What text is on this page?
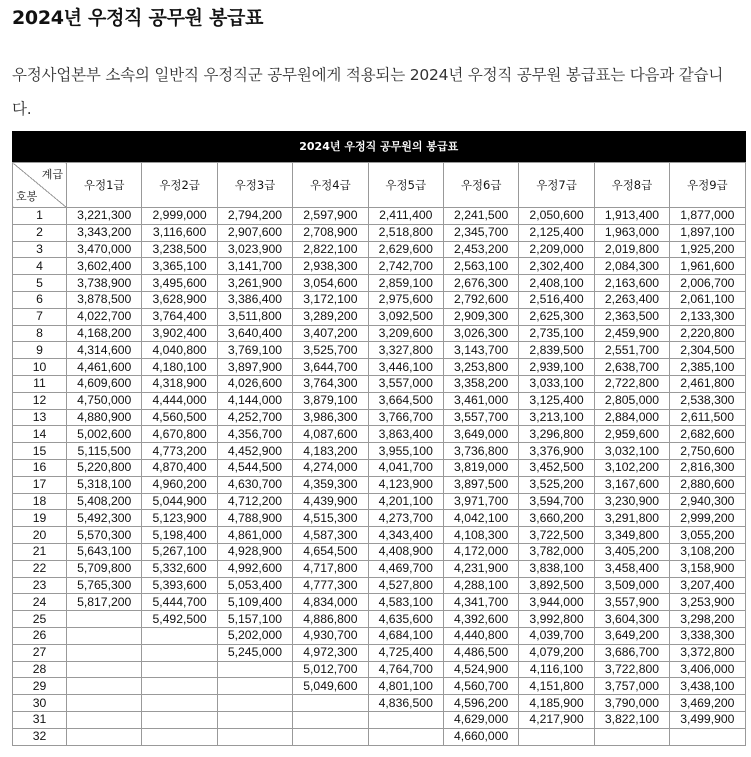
2024년 우정직 공무원 봉급표

우정사업본부 소속의 일반직 우정직군 공무원에게 적용되는 2024년 우정직 공무원 봉급표는 다음과 같습니다.

2024년 우정직 공무원의 봉급표
계급
호봉	우정1급	우정2급	우정3급	우정4급	우정5급	우정6급	우정7급	우정8급	우정9급
1	3,221,300	2,999,000	2,794,200	2,597,900	2,411,400	2,241,500	2,050,600	1,913,400	1,877,000
2	3,343,200	3,116,600	2,907,600	2,708,900	2,518,800	2,345,700	2,125,400	1,963,000	1,897,100
3	3,470,000	3,238,500	3,023,900	2,822,100	2,629,600	2,453,200	2,209,000	2,019,800	1,925,200
4	3,602,400	3,365,100	3,141,700	2,938,300	2,742,700	2,563,100	2,302,400	2,084,300	1,961,600
5	3,738,900	3,495,600	3,261,900	3,054,600	2,859,100	2,676,300	2,408,100	2,163,600	2,006,700
6	3,878,500	3,628,900	3,386,400	3,172,100	2,975,600	2,792,600	2,516,400	2,263,400	2,061,100
7	4,022,700	3,764,400	3,511,800	3,289,200	3,092,500	2,909,300	2,625,300	2,363,500	2,133,300
8	4,168,200	3,902,400	3,640,400	3,407,200	3,209,600	3,026,300	2,735,100	2,459,900	2,220,800
9	4,314,600	4,040,800	3,769,100	3,525,700	3,327,800	3,143,700	2,839,500	2,551,700	2,304,500
10	4,461,600	4,180,100	3,897,900	3,644,700	3,446,100	3,253,800	2,939,100	2,638,700	2,385,100
11	4,609,600	4,318,900	4,026,600	3,764,300	3,557,000	3,358,200	3,033,100	2,722,800	2,461,800
12	4,750,000	4,444,000	4,144,000	3,879,100	3,664,500	3,461,000	3,125,400	2,805,000	2,538,300
13	4,880,900	4,560,500	4,252,700	3,986,300	3,766,700	3,557,700	3,213,100	2,884,000	2,611,500
14	5,002,600	4,670,800	4,356,700	4,087,600	3,863,400	3,649,000	3,296,800	2,959,600	2,682,600
15	5,115,500	4,773,200	4,452,900	4,183,200	3,955,100	3,736,800	3,376,900	3,032,100	2,750,600
16	5,220,800	4,870,400	4,544,500	4,274,000	4,041,700	3,819,000	3,452,500	3,102,200	2,816,300
17	5,318,100	4,960,200	4,630,700	4,359,300	4,123,900	3,897,500	3,525,200	3,167,600	2,880,600
18	5,408,200	5,044,900	4,712,200	4,439,900	4,201,100	3,971,700	3,594,700	3,230,900	2,940,300
19	5,492,300	5,123,900	4,788,900	4,515,300	4,273,700	4,042,100	3,660,200	3,291,800	2,999,200
20	5,570,300	5,198,400	4,861,000	4,587,300	4,343,400	4,108,300	3,722,500	3,349,800	3,055,200
21	5,643,100	5,267,100	4,928,900	4,654,500	4,408,900	4,172,000	3,782,000	3,405,200	3,108,200
22	5,709,800	5,332,600	4,992,600	4,717,800	4,469,700	4,231,900	3,838,100	3,458,400	3,158,900
23	5,765,300	5,393,600	5,053,400	4,777,300	4,527,800	4,288,100	3,892,500	3,509,000	3,207,400
24	5,817,200	5,444,700	5,109,400	4,834,000	4,583,100	4,341,700	3,944,000	3,557,900	3,253,900
25		5,492,500	5,157,100	4,886,800	4,635,600	4,392,600	3,992,800	3,604,300	3,298,200
26			5,202,000	4,930,700	4,684,100	4,440,800	4,039,700	3,649,200	3,338,300
27			5,245,000	4,972,300	4,725,400	4,486,500	4,079,200	3,686,700	3,372,800
28				5,012,700	4,764,700	4,524,900	4,116,100	3,722,800	3,406,000
29				5,049,600	4,801,100	4,560,700	4,151,800	3,757,000	3,438,100
30					4,836,500	4,596,200	4,185,900	3,790,000	3,469,200
31						4,629,000	4,217,900	3,822,100	3,499,900
32						4,660,000			
